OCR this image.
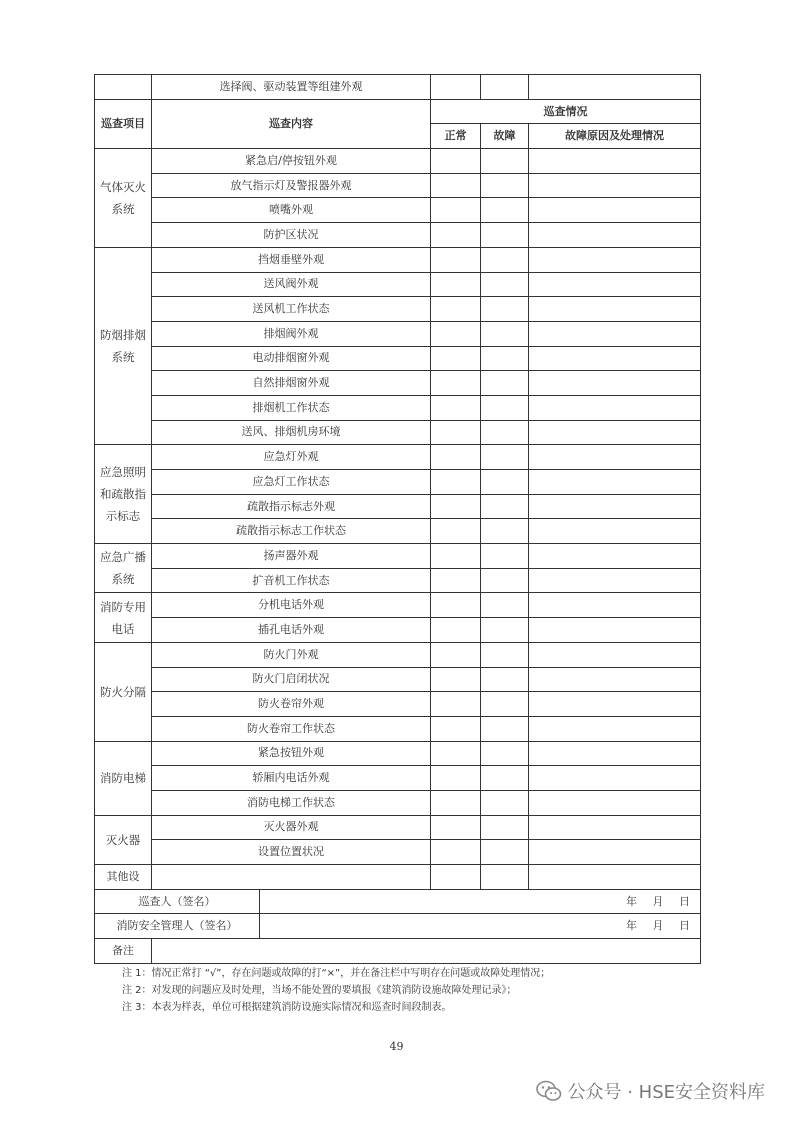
	选择阀、驱动装置等组建外观				
巡查项目	巡查内容		巡查情况		
			正常	故障	故障原因及处理情况
气体灭火系统	紧急启/停按钮外观				
	放气指示灯及警报器外观				
	喷嘴外观				
	防护区状况				
防烟排烟系统	挡烟垂壁外观				
	送风阀外观				
	送风机工作状态				
	排烟阀外观				
	电动排烟窗外观				
	自然排烟窗外观				
	排烟机工作状态				
	送风、排烟机房环境				
应急照明和疏散指示标志	应急灯外观				
	应急灯工作状态				
	疏散指示标志外观				
	疏散指示标志工作状态				
应急广播系统	扬声器外观				
	扩音机工作状态				
消防专用电话	分机电话外观				
	插孔电话外观				
防火分隔	防火门外观				
	防火门启闭状况				
	防火卷帘外观				
	防火卷帘工作状态				
消防电梯	紧急按钮外观				
	轿厢内电话外观				
	消防电梯工作状态				
灭火器	灭火器外观				
	设置位置状况				
其他设					
巡查人（签名）		年 月 日			
消防安全管理人（签名）		年 月 日			
备注					
注 1：情况正常打 “√”，存在问题或故障的打“×”，并在备注栏中写明存在问题或故障处理情况；
注 2：对发现的问题应及时处理，当场不能处置的要填报《建筑消防设施故障处理记录》；
注 3：本表为样表，单位可根据建筑消防设施实际情况和巡查时间段制表。
49
公众号 · HSE安全资料库
